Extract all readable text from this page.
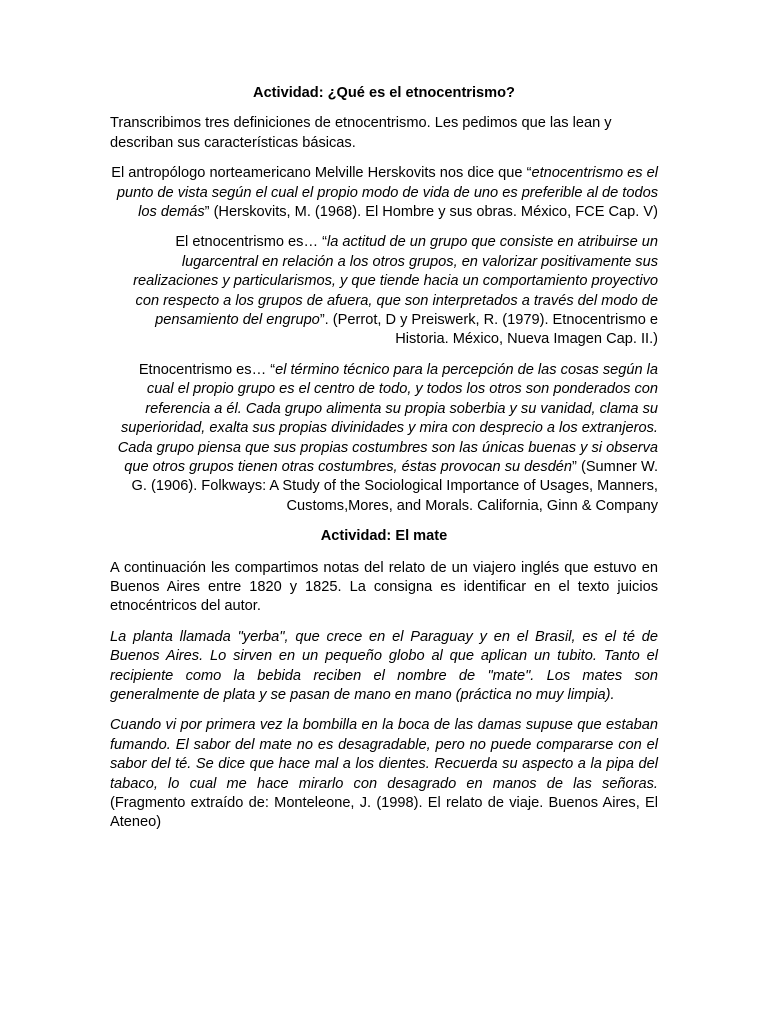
Actividad: ¿Qué es el etnocentrismo?

Transcribimos tres definiciones de etnocentrismo. Les pedimos que las lean y describan sus características básicas.

El antropólogo norteamericano Melville Herskovits nos dice que “etnocentrismo es el punto de vista según el cual el propio modo de vida de uno es preferible al de todos los demás” (Herskovits, M. (1968). El Hombre y sus obras. México, FCE Cap. V)

El etnocentrismo es… “la actitud de un grupo que consiste en atribuirse un lugarcentral en relación a los otros grupos, en valorizar positivamente sus realizaciones y particularismos, y que tiende hacia un comportamiento proyectivo con respecto a los grupos de afuera, que son interpretados a través del modo de pensamiento del engrupo”. (Perrot, D y Preiswerk, R. (1979). Etnocentrismo e Historia. México, Nueva Imagen Cap. II.)

Etnocentrismo es… “el término técnico para la percepción de las cosas según la cual el propio grupo es el centro de todo, y todos los otros son ponderados con referencia a él. Cada grupo alimenta su propia soberbia y su vanidad, clama su superioridad, exalta sus propias divinidades y mira con desprecio a los extranjeros. Cada grupo piensa que sus propias costumbres son las únicas buenas y si observa que otros grupos tienen otras costumbres, éstas provocan su desdén” (Sumner W. G. (1906). Folkways: A Study of the Sociological Importance of Usages, Manners, Customs,Mores, and Morals. California, Ginn & Company

Actividad: El mate

A continuación les compartimos notas del relato de un viajero inglés que estuvo en Buenos Aires entre 1820 y 1825. La consigna es identificar en el texto juicios etnocéntricos del autor.

La planta llamada "yerba", que crece en el Paraguay y en el Brasil, es el té de Buenos Aires. Lo sirven en un pequeño globo al que aplican un tubito. Tanto el recipiente como la bebida reciben el nombre de "mate". Los mates son generalmente de plata y se pasan de mano en mano (práctica no muy limpia).

Cuando vi por primera vez la bombilla en la boca de las damas supuse que estaban fumando. El sabor del mate no es desagradable, pero no puede compararse con el sabor del té. Se dice que hace mal a los dientes. Recuerda su aspecto a la pipa del tabaco, lo cual me hace mirarlo con desagrado en manos de las señoras. (Fragmento extraído de: Monteleone, J. (1998). El relato de viaje. Buenos Aires, El Ateneo)
